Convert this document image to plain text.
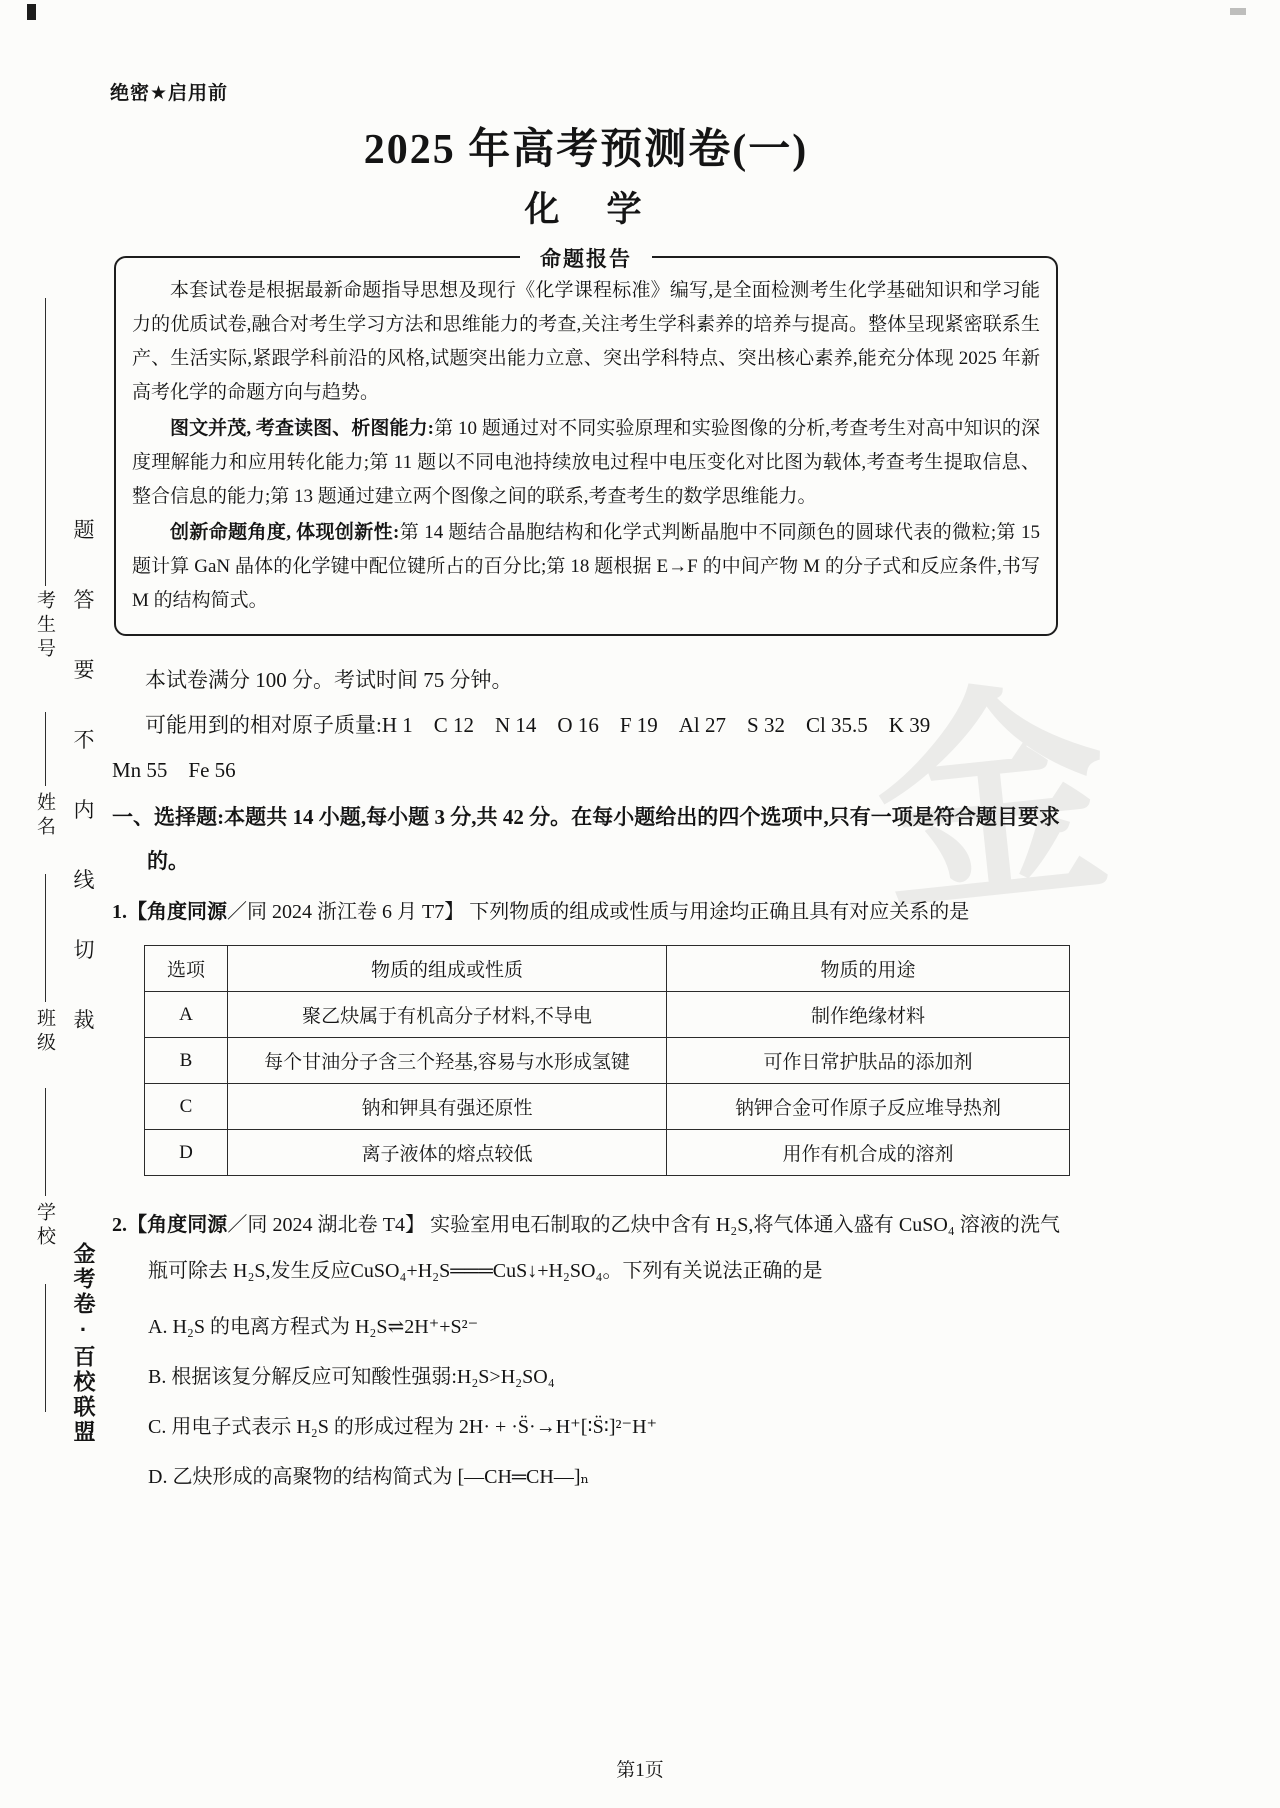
绝密★启用前
考生号
姓名
班级
学校
题
答
要
不
内
线
切
裁
金考卷·百校联盟
2025 年高考预测卷(一)
化　学
命题报告

本套试卷是根据最新命题指导思想及现行《化学课程标准》编写,是全面检测考生化学基础知识和学习能力的优质试卷,融合对考生学习方法和思维能力的考查,关注考生学科素养的培养与提高。整体呈现紧密联系生产、生活实际,紧跟学科前沿的风格,试题突出能力立意、突出学科特点、突出核心素养,能充分体现 2025 年新高考化学的命题方向与趋势。

图文并茂, 考查读图、析图能力:第 10 题通过对不同实验原理和实验图像的分析,考查考生对高中知识的深度理解能力和应用转化能力;第 11 题以不同电池持续放电过程中电压变化对比图为载体,考查考生提取信息、整合信息的能力;第 13 题通过建立两个图像之间的联系,考查考生的数学思维能力。

创新命题角度, 体现创新性:第 14 题结合晶胞结构和化学式判断晶胞中不同颜色的圆球代表的微粒;第 15 题计算 GaN 晶体的化学键中配位键所占的百分比;第 18 题根据 E→F 的中间产物 M 的分子式和反应条件,书写 M 的结构简式。

本试卷满分 100 分。考试时间 75 分钟。

可能用到的相对原子质量:H 1　C 12　N 14　O 16　F 19　Al 27　S 32　Cl 35.5　K 39

Mn 55　Fe 56

一、选择题:本题共 14 小题,每小题 3 分,共 42 分。在每小题给出的四个选项中,只有一项是符合题目要求的。

1.【角度同源／同 2024 浙江卷 6 月 T7】 下列物质的组成或性质与用途均正确且具有对应关系的是

选项	物质的组成或性质	物质的用途
A	聚乙炔属于有机高分子材料,不导电	制作绝缘材料
B	每个甘油分子含三个羟基,容易与水形成氢键	可作日常护肤品的添加剂
C	钠和钾具有强还原性	钠钾合金可作原子反应堆导热剂
D	离子液体的熔点较低	用作有机合成的溶剂

2.【角度同源／同 2024 湖北卷 T4】 实验室用电石制取的乙炔中含有 H₂S,将气体通入盛有 CuSO₄ 溶液的洗气瓶可除去 H₂S,发生反应CuSO₄+H₂S═══CuS↓+H₂SO₄。下列有关说法正确的是

A. H₂S 的电离方程式为 H₂S⇌2H⁺+S²⁻

B. 根据该复分解反应可知酸性强弱:H₂S>H₂SO₄

C. 用电子式表示 H₂S 的形成过程为 2H· + ·S̈·→H⁺[∶S̈∶]²⁻H⁺

D. 乙炔形成的高聚物的结构简式为 [—CH═CH—]ₙ

金
第1页
